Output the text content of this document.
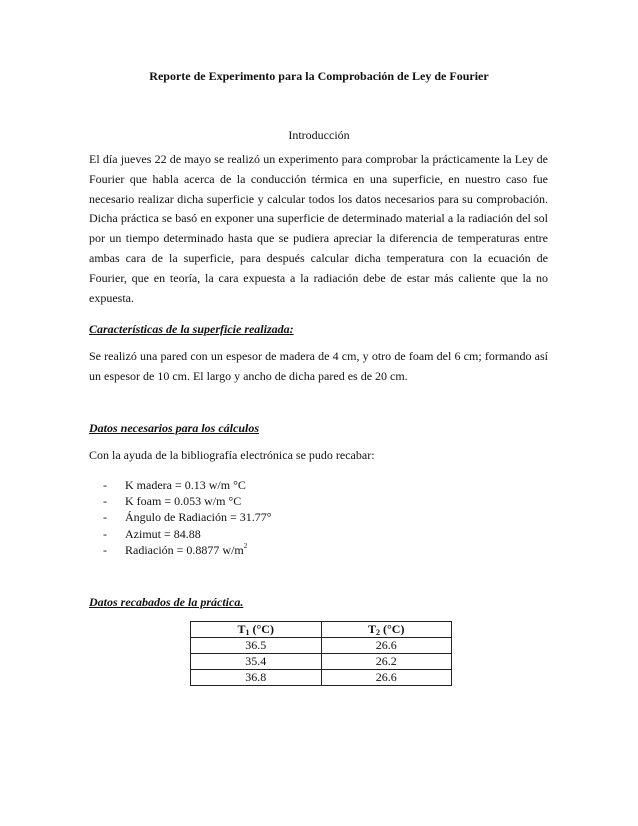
Reporte de Experimento para la Comprobación de Ley de Fourier
Introducción

El día jueves 22 de mayo se realizó un experimento para comprobar la prácticamente la Ley de Fourier que habla acerca de la conducción térmica en una superficie, en nuestro caso fue necesario realizar dicha superficie y calcular todos los datos necesarios para su comprobación. Dicha práctica se basó en exponer una superficie de determinado material a la radiación del sol por un tiempo determinado hasta que se pudiera apreciar la diferencia de temperaturas entre ambas cara de la superficie, para después calcular dicha temperatura con la ecuación de Fourier, que en teoría, la cara expuesta a la radiación debe de estar más caliente que la no expuesta.

Características de la superficie realizada:

Se realizó una pared con un espesor de madera de 4 cm, y otro de foam del 6 cm; formando así un espesor de 10 cm. El largo y ancho de dicha pared es de 20 cm.

Datos necesarios para los cálculos

Con la ayuda de la bibliografía electrónica se pudo recabar:

- K madera = 0.13 w/m °C
- K foam = 0.053 w/m °C
- Ángulo de Radiación = 31.77°
- Azimut = 84.88
- Radiación = 0.8877 $w/m^2$
Datos recabados de la práctica.
$T_1$ (°C)	$T_2$ (°C)
36.5	26.6
35.4	26.2
36.8	26.6
